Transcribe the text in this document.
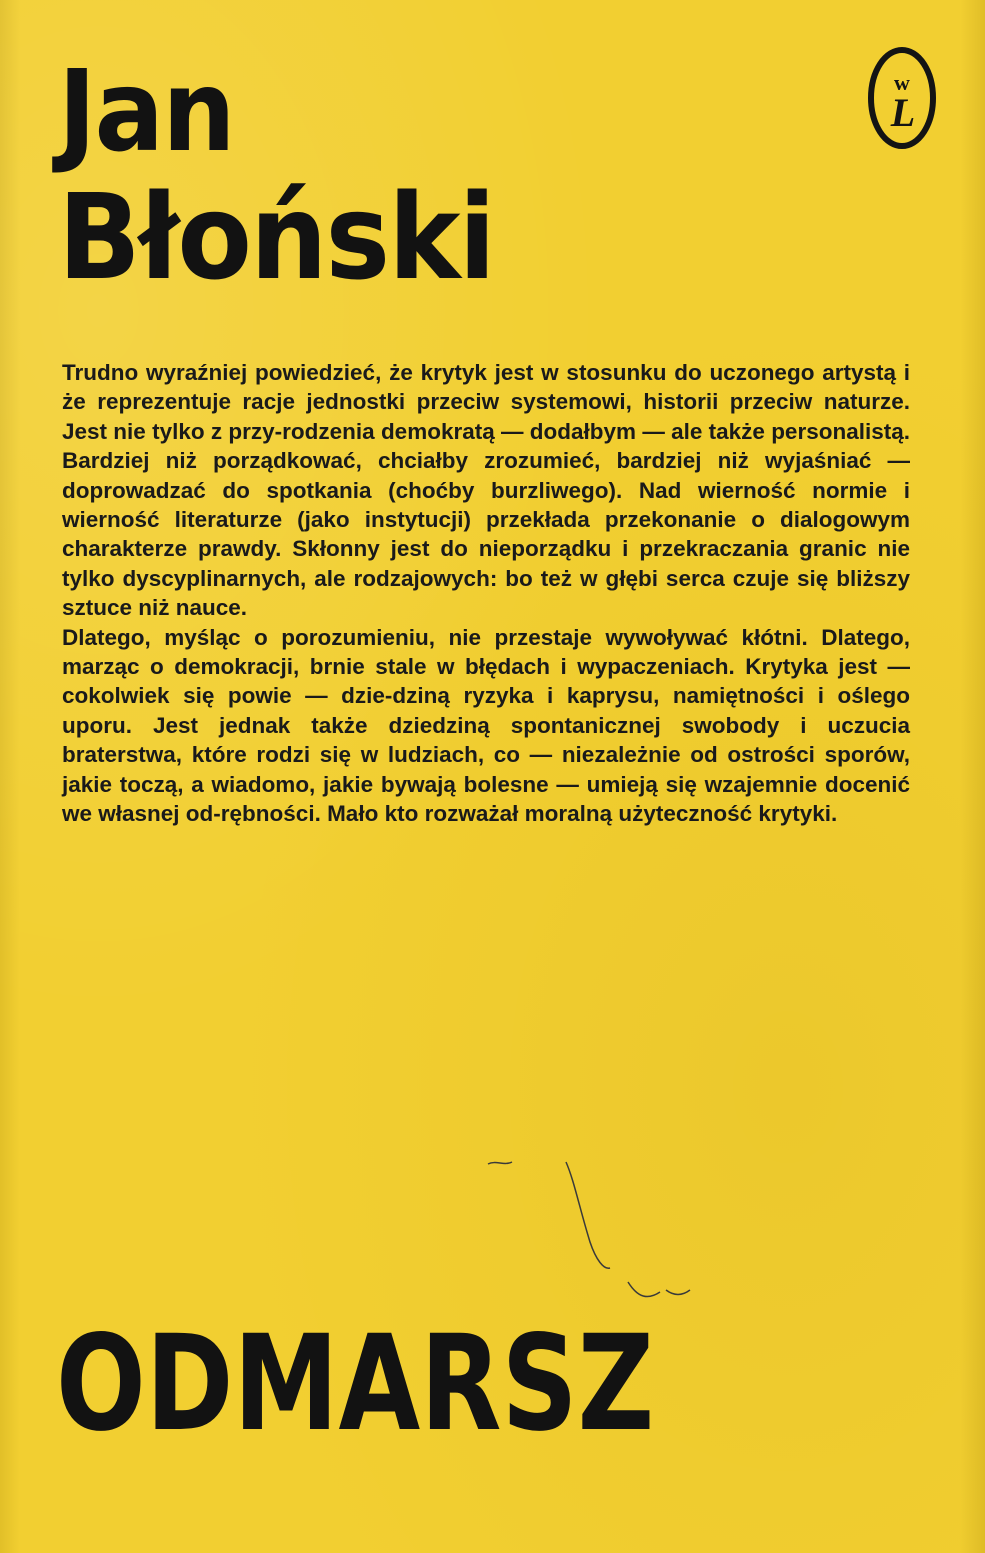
Jan
Błoński
w
L

Trudno wyraźniej powiedzieć, że krytyk jest w stosunku do uczonego artystą i że reprezentuje racje jednostki przeciw systemowi, historii przeciw naturze. Jest nie tylko z przy-rodzenia demokratą — dodałbym — ale także personalistą. Bardziej niż porządkować, chciałby zrozumieć, bardziej niż wyjaśniać — doprowadzać do spotkania (choćby burzliwego). Nad wierność normie i wierność literaturze (jako instytucji) przekłada przekonanie o dialogowym charakterze prawdy. Skłonny jest do nieporządku i przekraczania granic nie tylko dyscyplinarnych, ale rodzajowych: bo też w głębi serca czuje się bliższy sztuce niż nauce.

Dlatego, myśląc o porozumieniu, nie przestaje wywoływać kłótni. Dlatego, marząc o demokracji, brnie stale w błędach i wypaczeniach. Krytyka jest — cokolwiek się powie — dzie-dziną ryzyka i kaprysu, namiętności i oślego uporu. Jest jednak także dziedziną spontanicznej swobody i uczucia braterstwa, które rodzi się w ludziach, co — niezależnie od ostrości sporów, jakie toczą, a wiadomo, jakie bywają bolesne — umieją się wzajemnie docenić we własnej od-rębności. Mało kto rozważał moralną użyteczność krytyki.

ODMARSZ
